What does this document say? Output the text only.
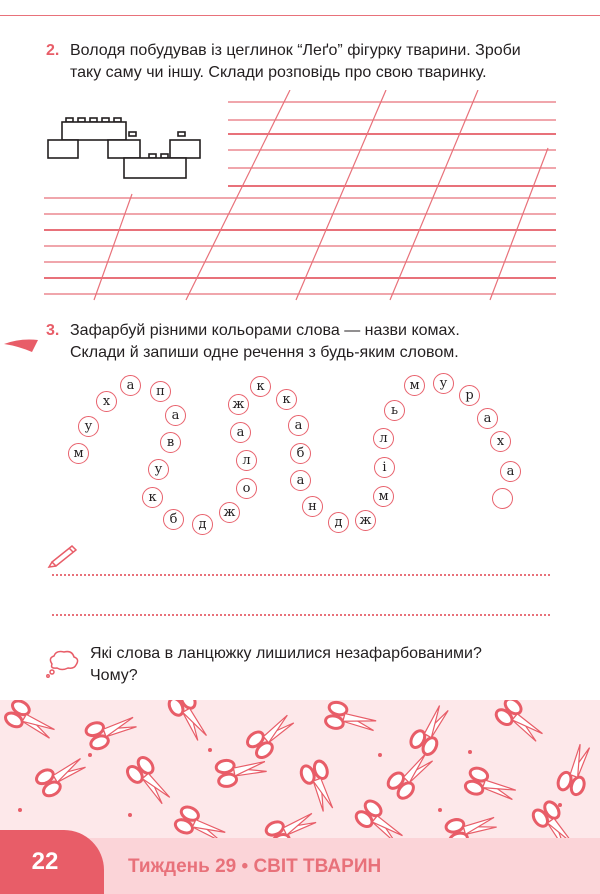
2. Володя побудував із цеглинок “Леґо” фігурку тварини. Зроби
таку саму чи іншу. Склади розповідь про свою тваринку.
3. Зафарбуй різними кольорами слова — назви комах.
Склади й запиши одне речення з будь-яким словом.
м
у
х
а	п
а
в
у
к
б	д
ж
о
л
а
ж
к
к
а
б
а
н
д	ж
м
і
л
ь
м	у
р
а
х
а
Які слова в ланцюжку лишилися незафарбованими?
Чому?
22	Тиждень 29 • СВІТ ТВАРИН
